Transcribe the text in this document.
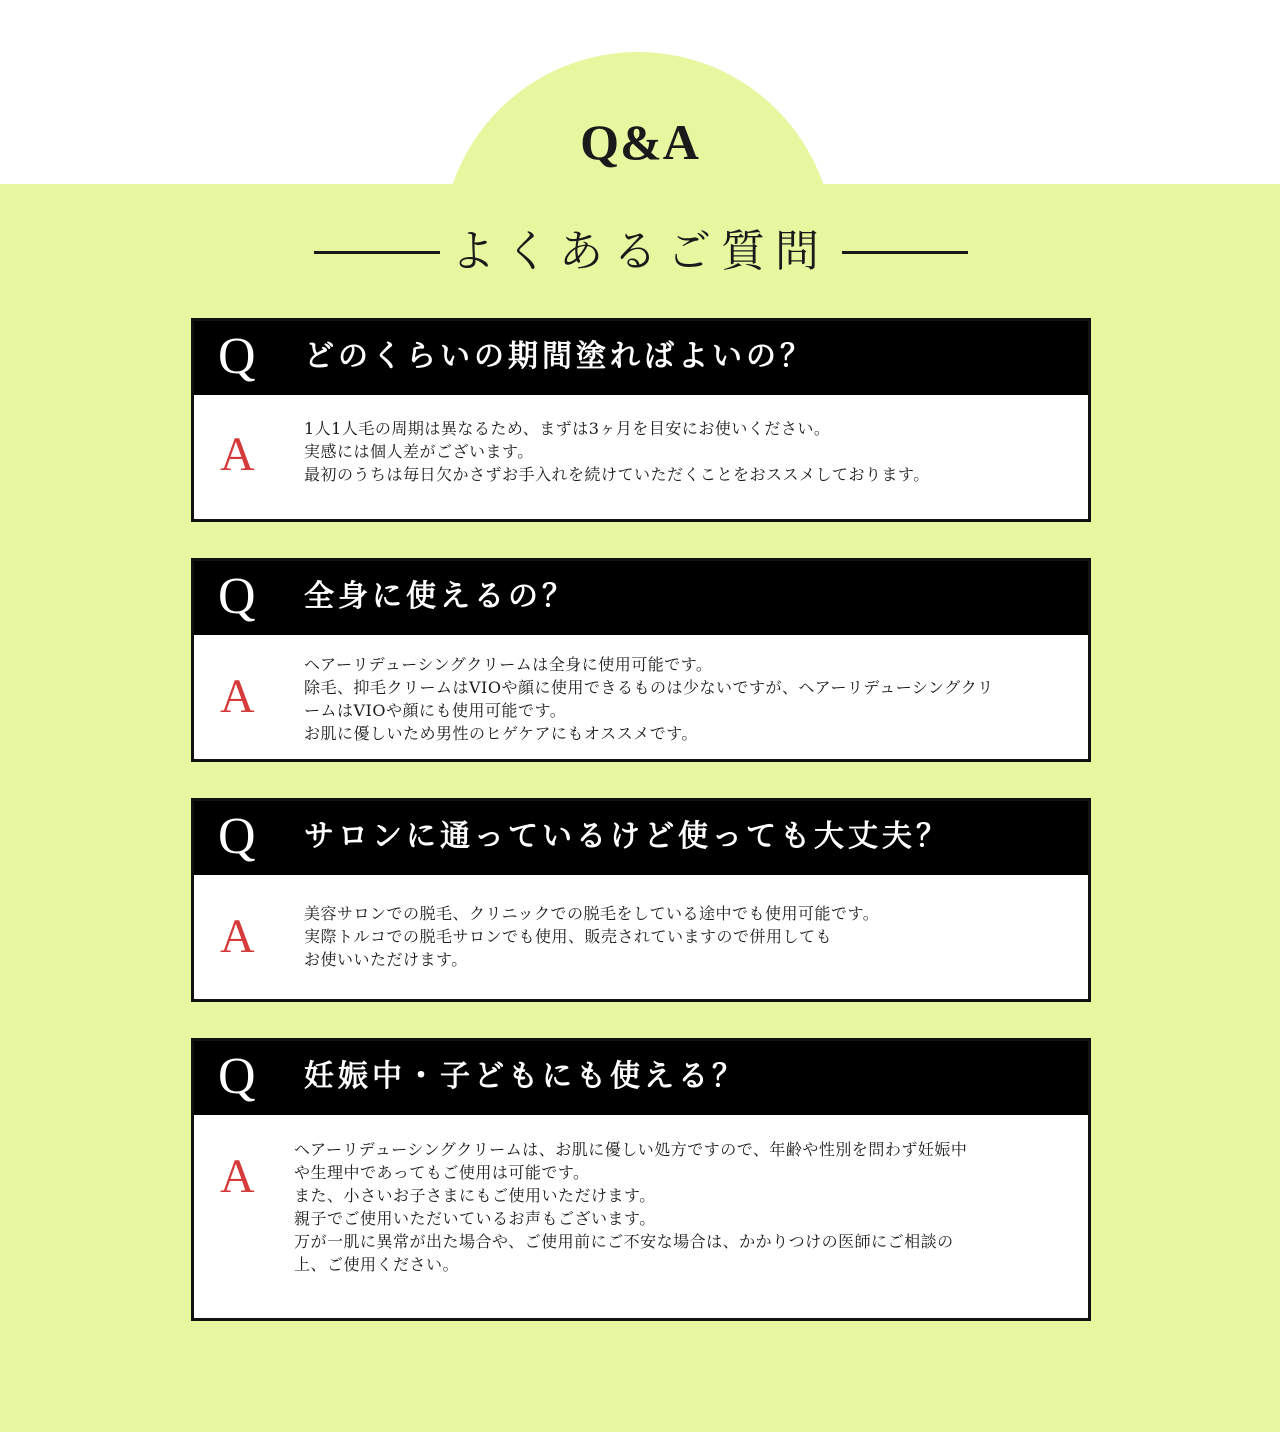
Q&A
よくあるご質問
Q どのくらいの期間塗ればよいの？
A	1人1人毛の周期は異なるため、まずは3ヶ月を目安にお使いください。
実感には個人差がございます。
最初のうちは毎日欠かさずお手入れを続けていただくことをおススメしております。
Q 全身に使えるの？
A
ヘアーリデューシングクリームは全身に使用可能です。
除毛、抑毛クリームはVIOや顔に使用できるものは少ないですが、ヘアーリデューシングクリ
ームはVIOや顔にも使用可能です。
お肌に優しいため男性のヒゲケアにもオススメです。
Q サロンに通っているけど使っても大丈夫？
A	美容サロンでの脱毛、クリニックでの脱毛をしている途中でも使用可能です。
実際トルコでの脱毛サロンでも使用、販売されていますので併用しても
お使いいただけます。
Q 妊娠中・子どもにも使える？
A
ヘアーリデューシングクリームは、お肌に優しい処方ですので、年齢や性別を問わず妊娠中
や生理中であってもご使用は可能です。
また、小さいお子さまにもご使用いただけます。
親子でご使用いただいているお声もございます。
万が一肌に異常が出た場合や、ご使用前にご不安な場合は、かかりつけの医師にご相談の
上、ご使用ください。
